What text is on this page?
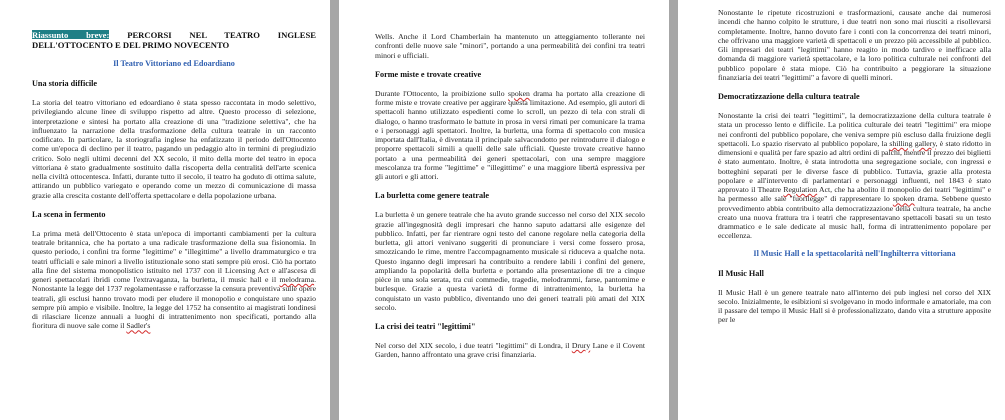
Riassunto breve: PERCORSI NEL TEATRO INGLESE DELL'OTTOCENTO E DEL PRIMO NOVECENTO
Il Teatro Vittoriano ed Edoardiano
Una storia difficile

La storia del teatro vittoriano ed edoardiano è stata spesso raccontata in modo selettivo, privilegiando alcune linee di sviluppo rispetto ad altre. Questo processo di selezione, interpretazione e sintesi ha portato alla creazione di una "tradizione selettiva", che ha influenzato la narrazione della trasformazione della cultura teatrale in un racconto codificato. In particolare, la storiografia inglese ha enfatizzato il periodo dell'Ottocento come un'epoca di declino per il teatro, pagando un pedaggio alto in termini di pregiudizio critico. Solo negli ultimi decenni del XX secolo, il mito della morte del teatro in epoca vittoriana è stato gradualmente sostituito dalla riscoperta della centralità dell'arte scenica nella civiltà ottocentesca. Infatti, durante tutto il secolo, il teatro ha goduto di ottima salute, attirando un pubblico variegato e operando come un mezzo di comunicazione di massa grazie alla crescita costante dell'offerta spettacolare e della popolazione urbana.

La scena in fermento

La prima metà dell'Ottocento è stata un'epoca di importanti cambiamenti per la cultura teatrale britannica, che ha portato a una radicale trasformazione della sua fisionomia. In questo periodo, i confini tra forme "legittime" e "illegittime" a livello drammaturgico e tra teatri ufficiali e sale minori a livello istituzionale sono stati sempre più erosi. Ciò ha portato alla fine del sistema monopolistico istituito nel 1737 con il Licensing Act e all'ascesa di generi spettacolari ibridi come l'extravaganza, la burletta, il music hall e il melodrama. Nonostante la legge del 1737 regolamentasse e rafforzasse la censura preventiva sulle opere teatrali, gli esclusi hanno trovato modi per eludere il monopolio e conquistare uno spazio sempre più ampio e visibile. Inoltre, la legge del 1752 ha consentito ai magistrati londinesi di rilasciare licenze annuali a luoghi di intrattenimento non specificati, portando alla fioritura di nuove sale come il Sadler's

Wells. Anche il Lord Chamberlain ha mantenuto un atteggiamento tollerante nei confronti delle nuove sale "minori", portando a una permeabilità dei confini tra teatri minori e ufficiali.

Forme miste e trovate creative

Durante l'Ottocento, la proibizione sullo spoken drama ha portato alla creazione di forme miste e trovate creative per aggirare questa limitazione. Ad esempio, gli autori di spettacoli hanno utilizzato espedienti come lo scroll, un pezzo di tela con strali di dialogo, o hanno trasformato le battute in prosa in versi rimati per comunicare la trama e i personaggi agli spettatori. Inoltre, la burletta, una forma di spettacolo con musica importata dall'Italia, è diventata il principale salvacondotto per reintrodurre il dialogo e proporre spettacoli simili a quelli delle sale ufficiali. Queste trovate creative hanno portato a una permeabilità dei generi spettacolari, con una sempre maggiore mescolanza tra forme "legittime" e "illegittime" e una maggiore libertà espressiva per gli autori e gli attori.

La burletta come genere teatrale

La burletta è un genere teatrale che ha avuto grande successo nel corso del XIX secolo grazie all'ingegnosità degli impresari che hanno saputo adattarsi alle esigenze del pubblico. Infatti, per far rientrare ogni testo del canone regolare nella categoria della burletta, gli attori venivano suggeriti di pronunciare i versi come fossero prosa, smozzicando le rime, mentre l'accompagnamento musicale si riduceva a qualche nota. Questo inganno degli impresari ha contribuito a rendere labili i confini del genere, ampliando la popolarità della burletta e portando alla presentazione di tre a cinque pièce in una sola serata, tra cui commedie, tragedie, melodrammi, farse, pantomime e burlesque. Grazie a questa varietà di forme di intrattenimento, la burletta ha conquistato un vasto pubblico, diventando uno dei generi teatrali più amati del XIX secolo.

La crisi dei teatri "legittimi"

Nel corso del XIX secolo, i due teatri "legittimi" di Londra, il Drury Lane e il Covent Garden, hanno affrontato una grave crisi finanziaria.

Nonostante le ripetute ricostruzioni e trasformazioni, causate anche dai numerosi incendi che hanno colpito le strutture, i due teatri non sono mai riusciti a risollevarsi completamente. Inoltre, hanno dovuto fare i conti con la concorrenza dei teatri minori, che offrivano una maggiore varietà di spettacoli e un prezzo più accessibile al pubblico. Gli impresari dei teatri "legittimi" hanno reagito in modo tardivo e inefficace alla domanda di maggiore varietà spettacolare, e la loro politica culturale nei confronti del pubblico popolare è stata miope. Ciò ha contribuito a peggiorare la situazione finanziaria dei teatri "legittimi" a favore di quelli minori.

Democratizzazione della cultura teatrale

Nonostante la crisi dei teatri "legittimi", la democratizzazione della cultura teatrale è stata un processo lento e difficile. La politica culturale dei teatri "legittimi" era miope nei confronti del pubblico popolare, che veniva sempre più escluso dalla fruizione degli spettacoli. Lo spazio riservato al pubblico popolare, la shilling gallery, è stato ridotto in dimensioni e qualità per fare spazio ad altri ordini di palchi, mentre il prezzo dei biglietti è stato aumentato. Inoltre, è stata introdotta una segregazione sociale, con ingressi e botteghini separati per le diverse fasce di pubblico. Tuttavia, grazie alla protesta popolare e all'intervento di parlamentari e personaggi influenti, nel 1843 è stato approvato il Theatre Regulation Act, che ha abolito il monopolio dei teatri "legittimi" e ha permesso alle sale "fuorilegge" di rappresentare lo spoken drama. Sebbene questo provvedimento abbia contribuito alla democratizzazione della cultura teatrale, ha anche creato una nuova frattura tra i teatri che rappresentavano spettacoli basati su un testo drammatico e le sale dedicate al music hall, forma di intrattenimento popolare per eccellenza.

Il Music Hall e la spettacolarità nell'Inghilterra vittoriana
Il Music Hall

Il Music Hall è un genere teatrale nato all'interno dei pub inglesi nel corso del XIX secolo. Inizialmente, le esibizioni si svolgevano in modo informale e amatoriale, ma con il passare del tempo il Music Hall si è professionalizzato, dando vita a strutture apposite per le
